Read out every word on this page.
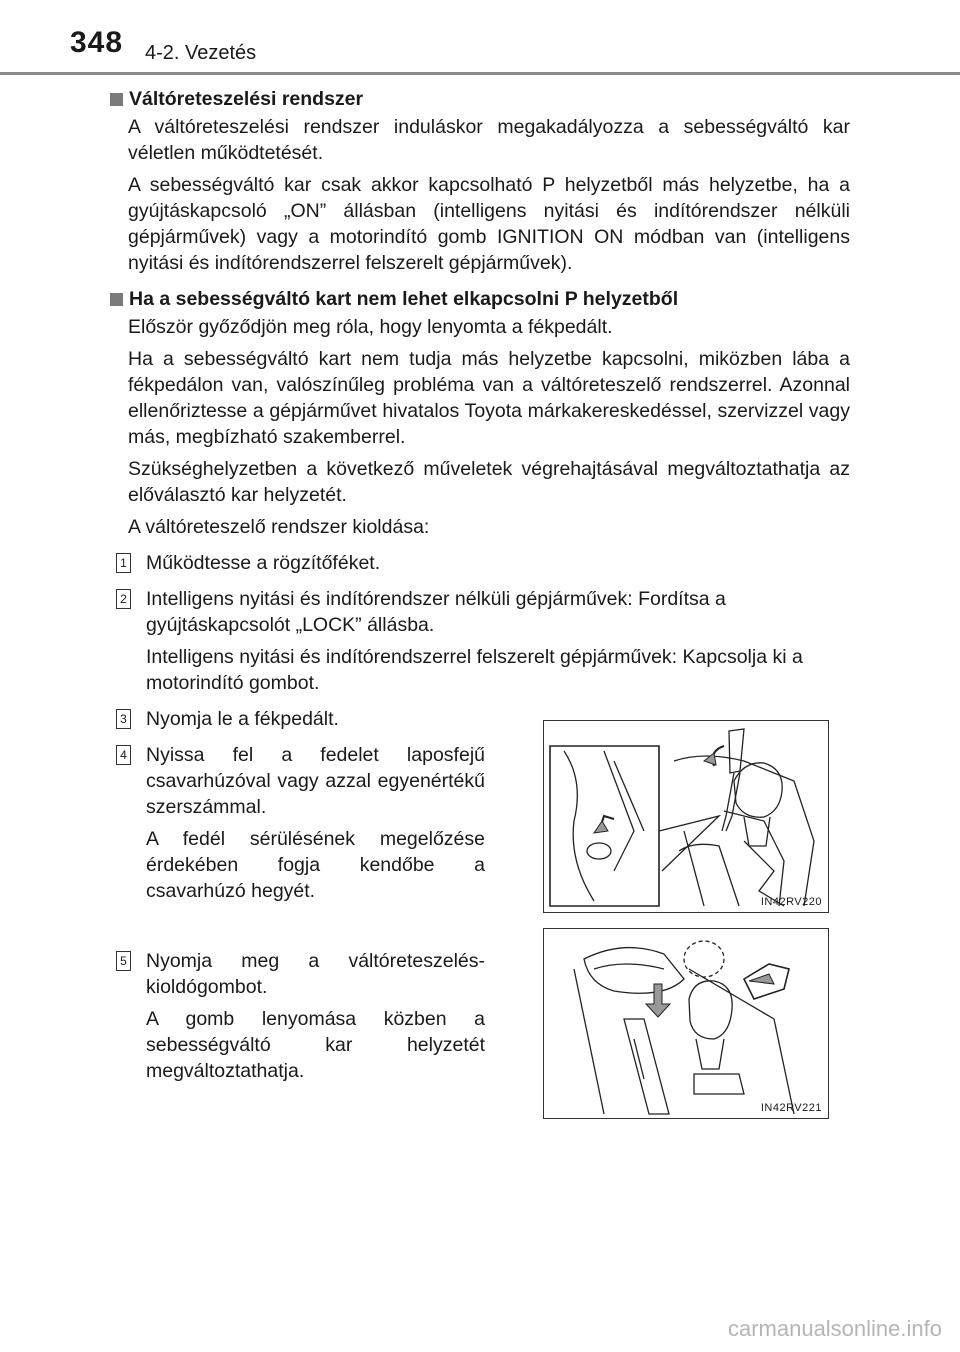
348 4-2. Vezetés
Váltóreteszelési rendszer

A váltóreteszelési rendszer induláskor megakadályozza a sebességváltó kar véletlen működtetését.

A sebességváltó kar csak akkor kapcsolható P helyzetből más helyzetbe, ha a gyújtáskapcsoló „ON” állásban (intelligens nyitási és indítórendszer nélküli gépjárművek) vagy a motorindító gomb IGNITION ON módban van (intelligens nyitási és indítórendszerrel felszerelt gépjárművek).

Ha a sebességváltó kart nem lehet elkapcsolni P helyzetből

Először győződjön meg róla, hogy lenyomta a fékpedált.

Ha a sebességváltó kart nem tudja más helyzetbe kapcsolni, miközben lába a fékpedálon van, valószínűleg probléma van a váltóreteszelő rendszerrel. Azonnal ellenőriztesse a gépjárművet hivatalos Toyota márkakereskedéssel, szervizzel vagy más, megbízható szakemberrel.

Szükséghelyzetben a következő műveletek végrehajtásával megváltoztathatja az előválasztó kar helyzetét.

A váltóreteszelő rendszer kioldása:

1 Működtesse a rögzítőféket.
2 Intelligens nyitási és indítórendszer nélküli gépjárművek: Fordítsa a gyújtáskapcsolót „LOCK” állásba.
Intelligens nyitási és indítórendszerrel felszerelt gépjárművek: Kapcsolja ki a motorindító gombot.
3 Nyomja le a fékpedált.
4 Nyissa fel a fedelet laposfejű csavarhúzóval vagy azzal egyenértékű szerszámmal.
A fedél sérülésének megelőzése érdekében fogja kendőbe a csavarhúzó hegyét.
5 Nyomja meg a váltóreteszelés-kioldógombot.
A gomb lenyomása közben a sebességváltó kar helyzetét megváltoztathatja.
IN42RV220
IN42RV221
carmanualsonline.info
